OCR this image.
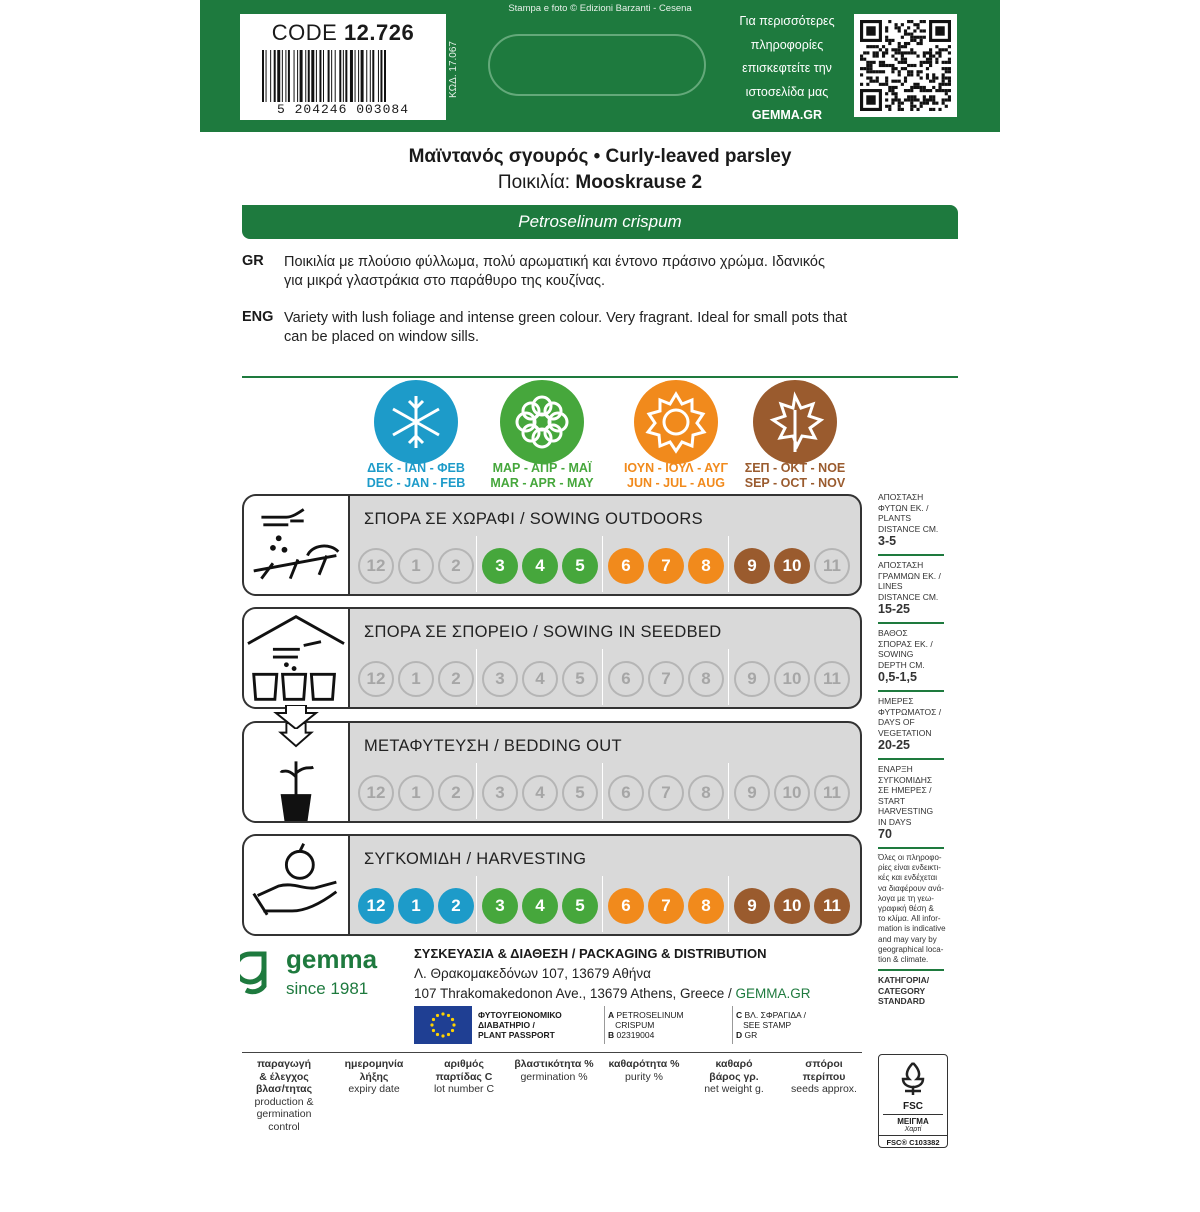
CODE 12.726
5 204246 003084
ΚΩΔ. 17.067
Stampa e foto © Edizioni Barzanti - Cesena
Για περισσότερες
πληροφορίες
επισκεφτείτε την
ιστοσελίδα μας
GEMMA.GR
Μαϊντανός σγουρός • Curly-leaved parsley
Ποικιλία: Mooskrause 2
Petroselinum crispum
GR Ποικιλία με πλούσιο φύλλωμα, πολύ αρωματική και έντονο πράσινο χρώμα. Ιδανικός
για μικρά γλαστράκια στο παράθυρο της κουζίνας.
ENG Variety with lush foliage and intense green colour. Very fragrant. Ideal for small pots that
can be placed on window sills.
ΔΕΚ - ΙΑΝ - ΦΕΒ
DEC - JAN - FEB
ΜΑΡ - ΑΠΡ - ΜΑΪ
MAR - APR - MAY
ΙΟΥΝ - ΙΟΥΛ - ΑΥΓ
JUN - JUL - AUG
ΣΕΠ - ΟΚΤ - ΝΟΕ
SEP - OCT - NOV
ΣΠΟΡΑ ΣΕ ΧΩΡΑΦΙ / SOWING OUTDOORS
12	1	2	3	4	5	6	7	8	9	10	11
ΣΠΟΡΑ ΣΕ ΣΠΟΡΕΙΟ / SOWING IN SEEDBED
12	1	2	3	4	5	6	7	8	9	10	11
ΜΕΤΑΦΥΤΕΥΣΗ / BEDDING OUT
12	1	2	3	4	5	6	7	8	9	10	11
ΣΥΓΚΟΜΙΔΗ / HARVESTING
12	1	2	3	4	5	6	7	8	9	10	11
ΑΠΟΣΤΑΣΗ
ΦΥΤΩΝ ΕΚ. /
PLANTS
DISTANCE CM.
3-5
ΑΠΟΣΤΑΣΗ
ΓΡΑΜΜΩΝ ΕΚ. /
LINES
DISTANCE CM.
15-25
ΒΑΘΟΣ
ΣΠΟΡΑΣ ΕΚ. /
SOWING
DEPTH CM.
0,5-1,5
ΗΜΕΡΕΣ
ΦΥΤΡΩΜΑΤΟΣ /
DAYS OF
VEGETATION
20-25
ΕΝΑΡΞΗ
ΣΥΓΚΟΜΙΔΗΣ
ΣΕ ΗΜΕΡΕΣ /
START
HARVESTING
IN DAYS
70
Όλες οι πληροφο-
ρίες είναι ενδεικτι-
κές και ενδέχεται
να διαφέρουν ανά-
λογα με τη γεω-
γραφική θέση &
το κλίμα. All infor-
mation is indicative
and may vary by
geographical loca-
tion & climate.
ΚΑΤΗΓΟΡΙΑ/
CATEGORY
STANDARD
gemma
since 1981
ΣΥΣΚΕΥΑΣΙΑ & ΔΙΑΘΕΣΗ / PACKAGING & DISTRIBUTION
Λ. Θρακομακεδόνων 107, 13679 Αθήνα
107 Thrakomakedonon Ave., 13679 Athens, Greece / GEMMA.GR
ΦΥΤΟΥΓΕΙΟΝΟΜΙΚΟ
ΔΙΑΒΑΤΗΡΙΟ /
PLANT PASSPORT
A PETROSELINUM
CRISPUM
B 02319004
C ΒΛ. ΣΦΡΑΓΙΔΑ /
SEE STAMP
D GR
παραγωγή
& έλεγχος
βλασ/τητας
production &
germination
control
ημερομηνία
λήξης
expiry date
αριθμός
παρτίδας C
lot number C
βλαστικότητα %
germination %
καθαρότητα %
purity %
καθαρό
βάρος γρ.
net weight g.
σπόροι
περίπου
seeds approx.
FSC
ΜΕΙΓΜΑ
Χαρτί
FSC® C103382
